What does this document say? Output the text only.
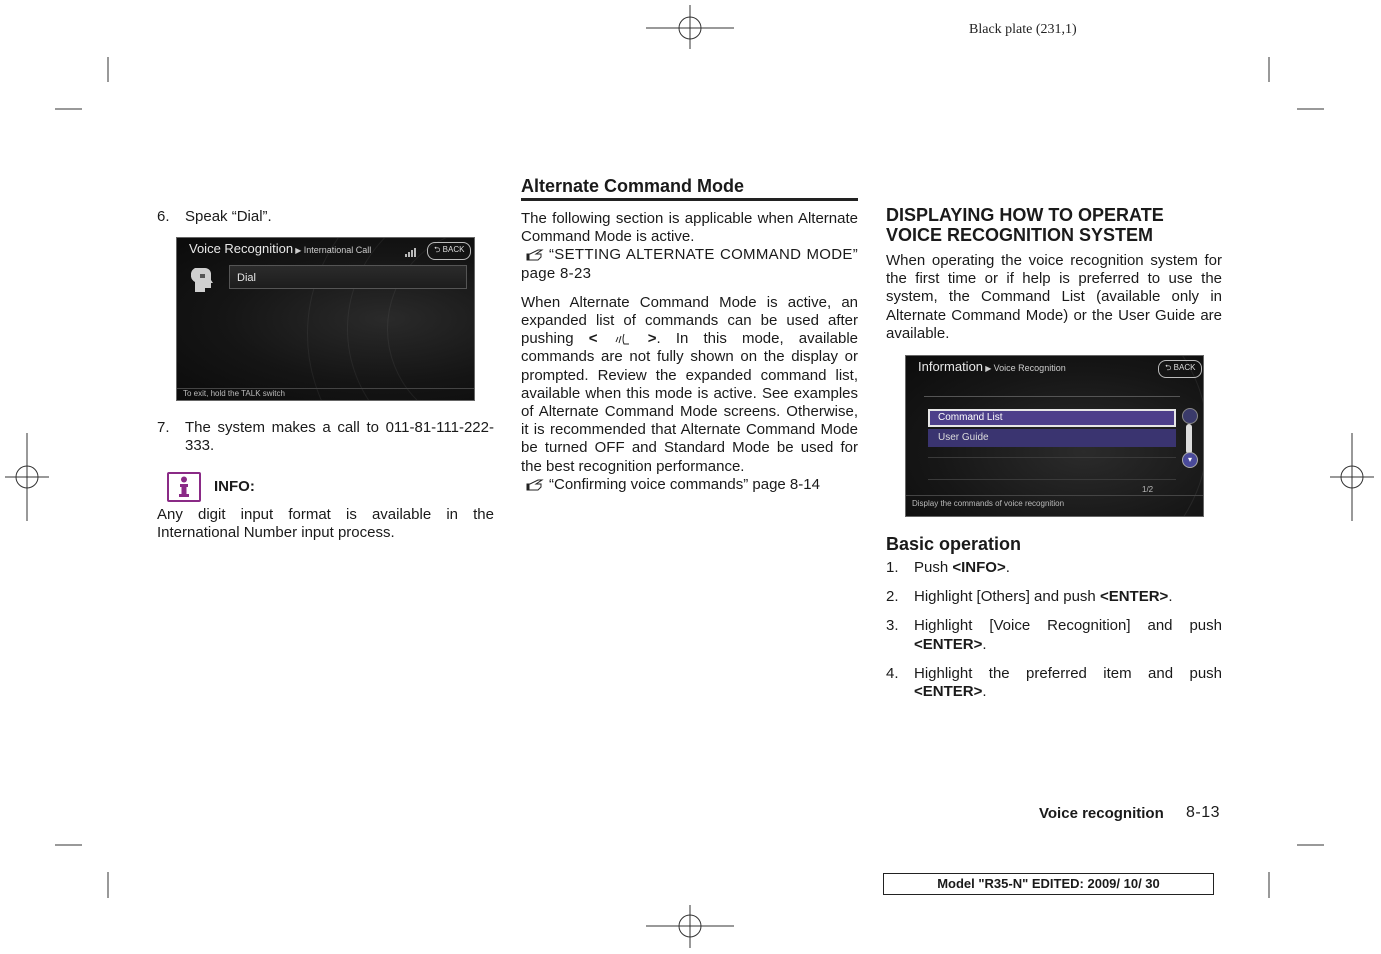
Black plate (231,1)
6.	Speak “Dial”.
Voice Recognition ▶ International Call	⮌ BACK
Dial
To exit, hold the TALK switch
7.	The system makes a call to 011-81-111-222-333.
INFO:
Any digit input format is available in the International Number input process.
Alternate Command Mode

The following section is applicable when Alternate Command Mode is active.

“SETTING ALTERNATE COMMAND MODE” page 8-23

When Alternate Command Mode is active, an expanded list of commands can be used after pushing <  >. In this mode, available commands are not fully shown on the display or prompted. Review the expanded command list, available when this mode is active. See examples of Alternate Command Mode screens. Otherwise, it is recommended that Alternate Command Mode be turned OFF and Standard Mode be used for the best recognition performance.

“Confirming voice commands” page 8-14

DISPLAYING HOW TO OPERATE
VOICE RECOGNITION SYSTEM
When operating the voice recognition system for the first time or if help is preferred to use the system, the Command List (available only in Alternate Command Mode) or the User Guide are available.
Information ▶ Voice Recognition	⮌ BACK
Command List
User Guide
▾
1/2
Display the commands of voice recognition
Basic operation
1.	Push <INFO>.
2.	Highlight [Others] and push <ENTER>.
3.	Highlight [Voice Recognition] and push <ENTER>.
4.	Highlight the preferred item and push <ENTER>.
Voice recognition 8-13
Model "R35-N" EDITED: 2009/ 10/ 30
